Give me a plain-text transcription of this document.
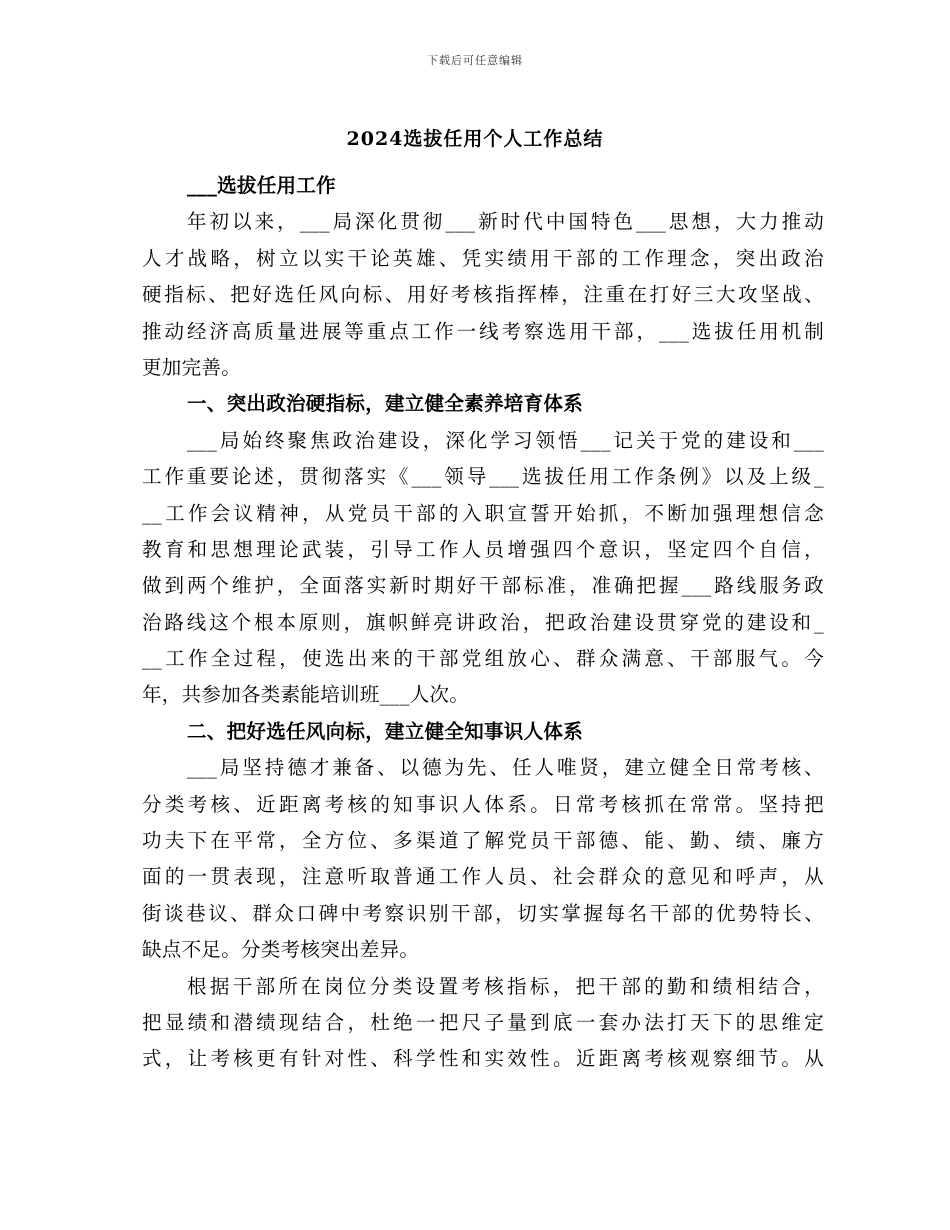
下载后可任意编辑
2024选拔任用个人工作总结
___选拔任用工作
年初以来，___局深化贯彻___新时代中国特色___思想，大力推动
人才战略，树立以实干论英雄、凭实绩用干部的工作理念，突出政治
硬指标、把好选任风向标、用好考核指挥棒，注重在打好三大攻坚战、
推动经济高质量进展等重点工作一线考察选用干部，___选拔任用机制
更加完善。
一、突出政治硬指标，建立健全素养培育体系
___局始终聚焦政治建设，深化学习领悟___记关于党的建设和___
工作重要论述，贯彻落实《___领导___选拔任用工作条例》以及上级_
__工作会议精神，从党员干部的入职宣誓开始抓，不断加强理想信念
教育和思想理论武装，引导工作人员增强四个意识，坚定四个自信，
做到两个维护，全面落实新时期好干部标准，准确把握___路线服务政
治路线这个根本原则，旗帜鲜亮讲政治，把政治建设贯穿党的建设和_
__工作全过程，使选出来的干部党组放心、群众满意、干部服气。今
年，共参加各类素能培训班___人次。
二、把好选任风向标，建立健全知事识人体系
___局坚持德才兼备、以德为先、任人唯贤，建立健全日常考核、
分类考核、近距离考核的知事识人体系。日常考核抓在常常。坚持把
功夫下在平常，全方位、多渠道了解党员干部德、能、勤、绩、廉方
面的一贯表现，注意听取普通工作人员、社会群众的意见和呼声，从
街谈巷议、群众口碑中考察识别干部，切实掌握每名干部的优势特长、
缺点不足。分类考核突出差异。
根据干部所在岗位分类设置考核指标，把干部的勤和绩相结合，
把显绩和潜绩现结合，杜绝一把尺子量到底一套办法打天下的思维定
式，让考核更有针对性、科学性和实效性。近距离考核观察细节。从
